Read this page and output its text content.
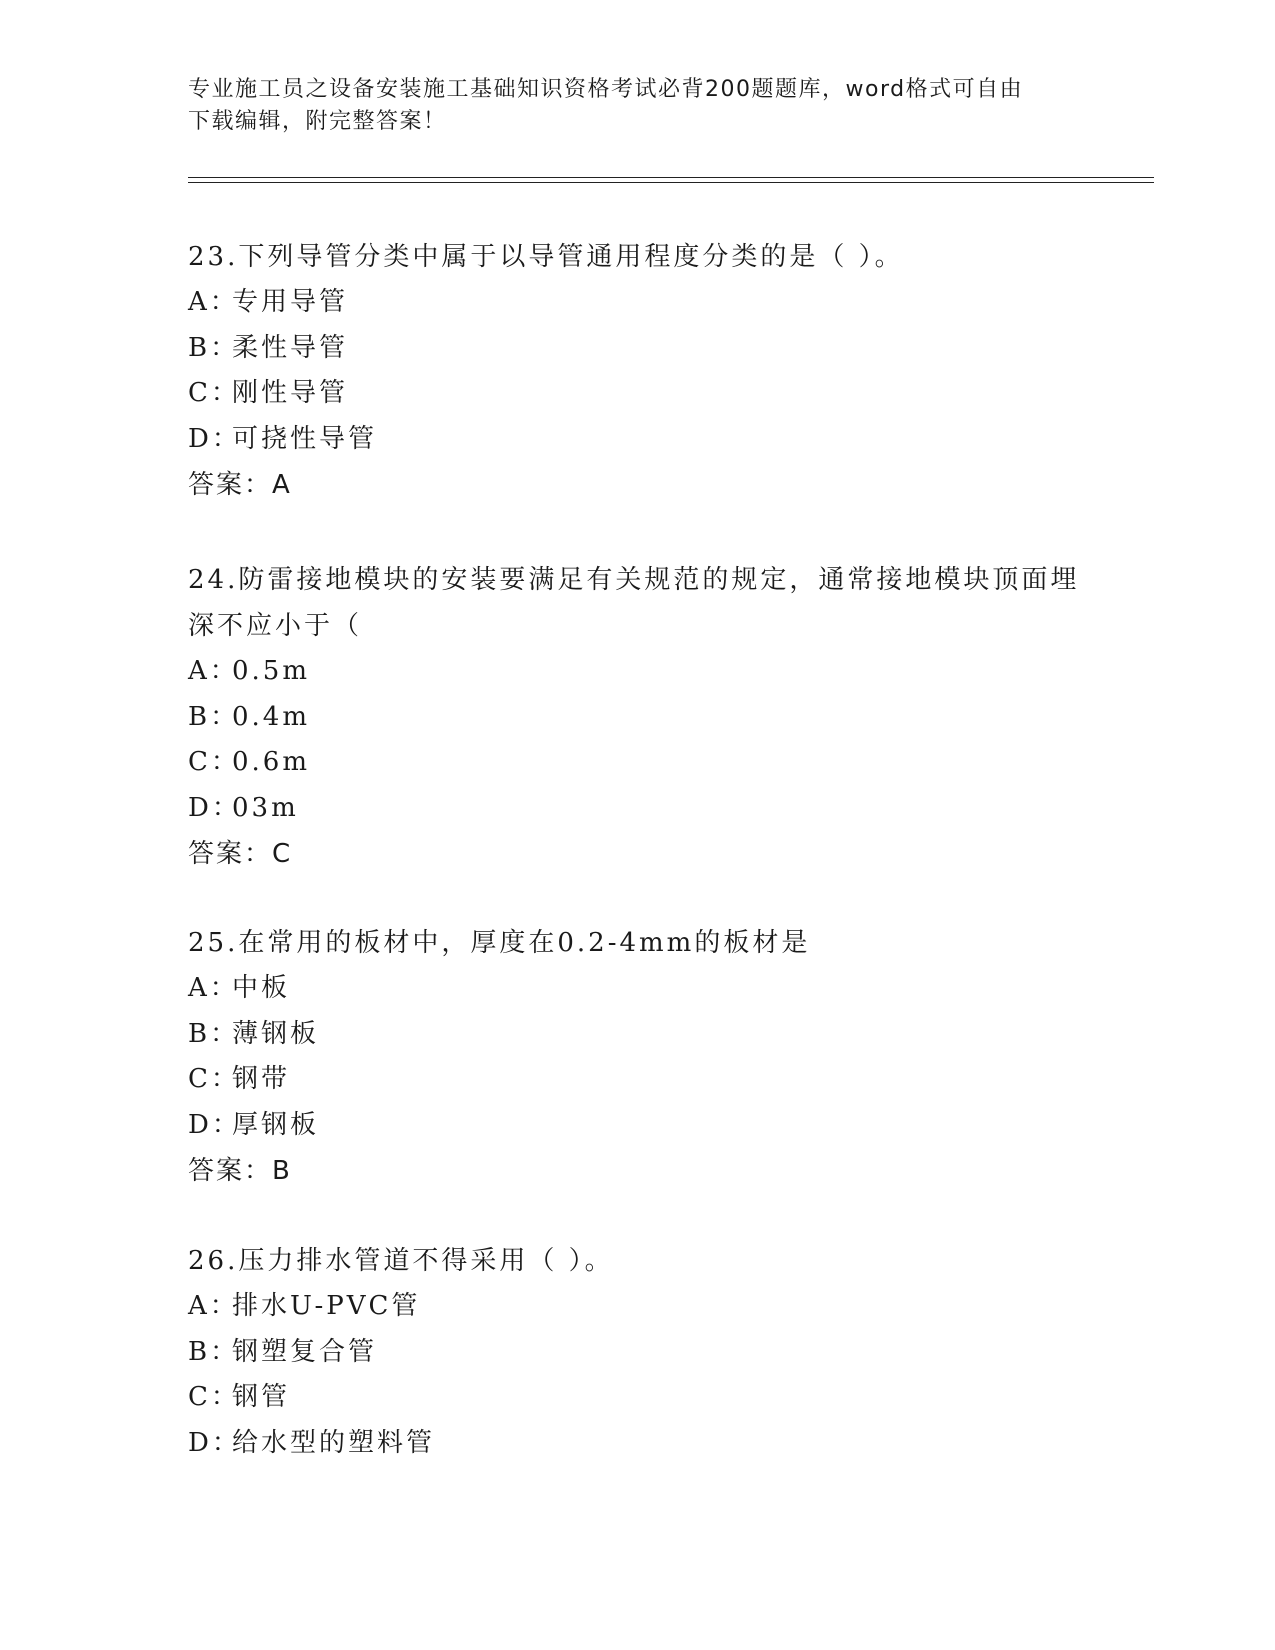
专业施工员之设备安装施工基础知识资格考试必背200题题库，word格式可自由
下载编辑，附完整答案！

23.下列导管分类中属于以导管通用程度分类的是（ ）。

A：
专用导管

B：
柔性导管

C：
刚性导管

D：
可挠性导管

答案：A

24.防雷接地模块的安装要满足有关规范的规定，通常接地模块顶面埋

深不应小于（

A：
0.5m

B：
0.4m

C：
0.6m

D：
03m

答案：C

25.在常用的板材中，厚度在0.2-4mm的板材是

A：
中板

B：
薄钢板

C：
钢带

D：
厚钢板

答案：B

26.压力排水管道不得采用（ ）。

A：
排水U-PVC管

B：
钢塑复合管

C：
钢管

D：
给水型的塑料管
